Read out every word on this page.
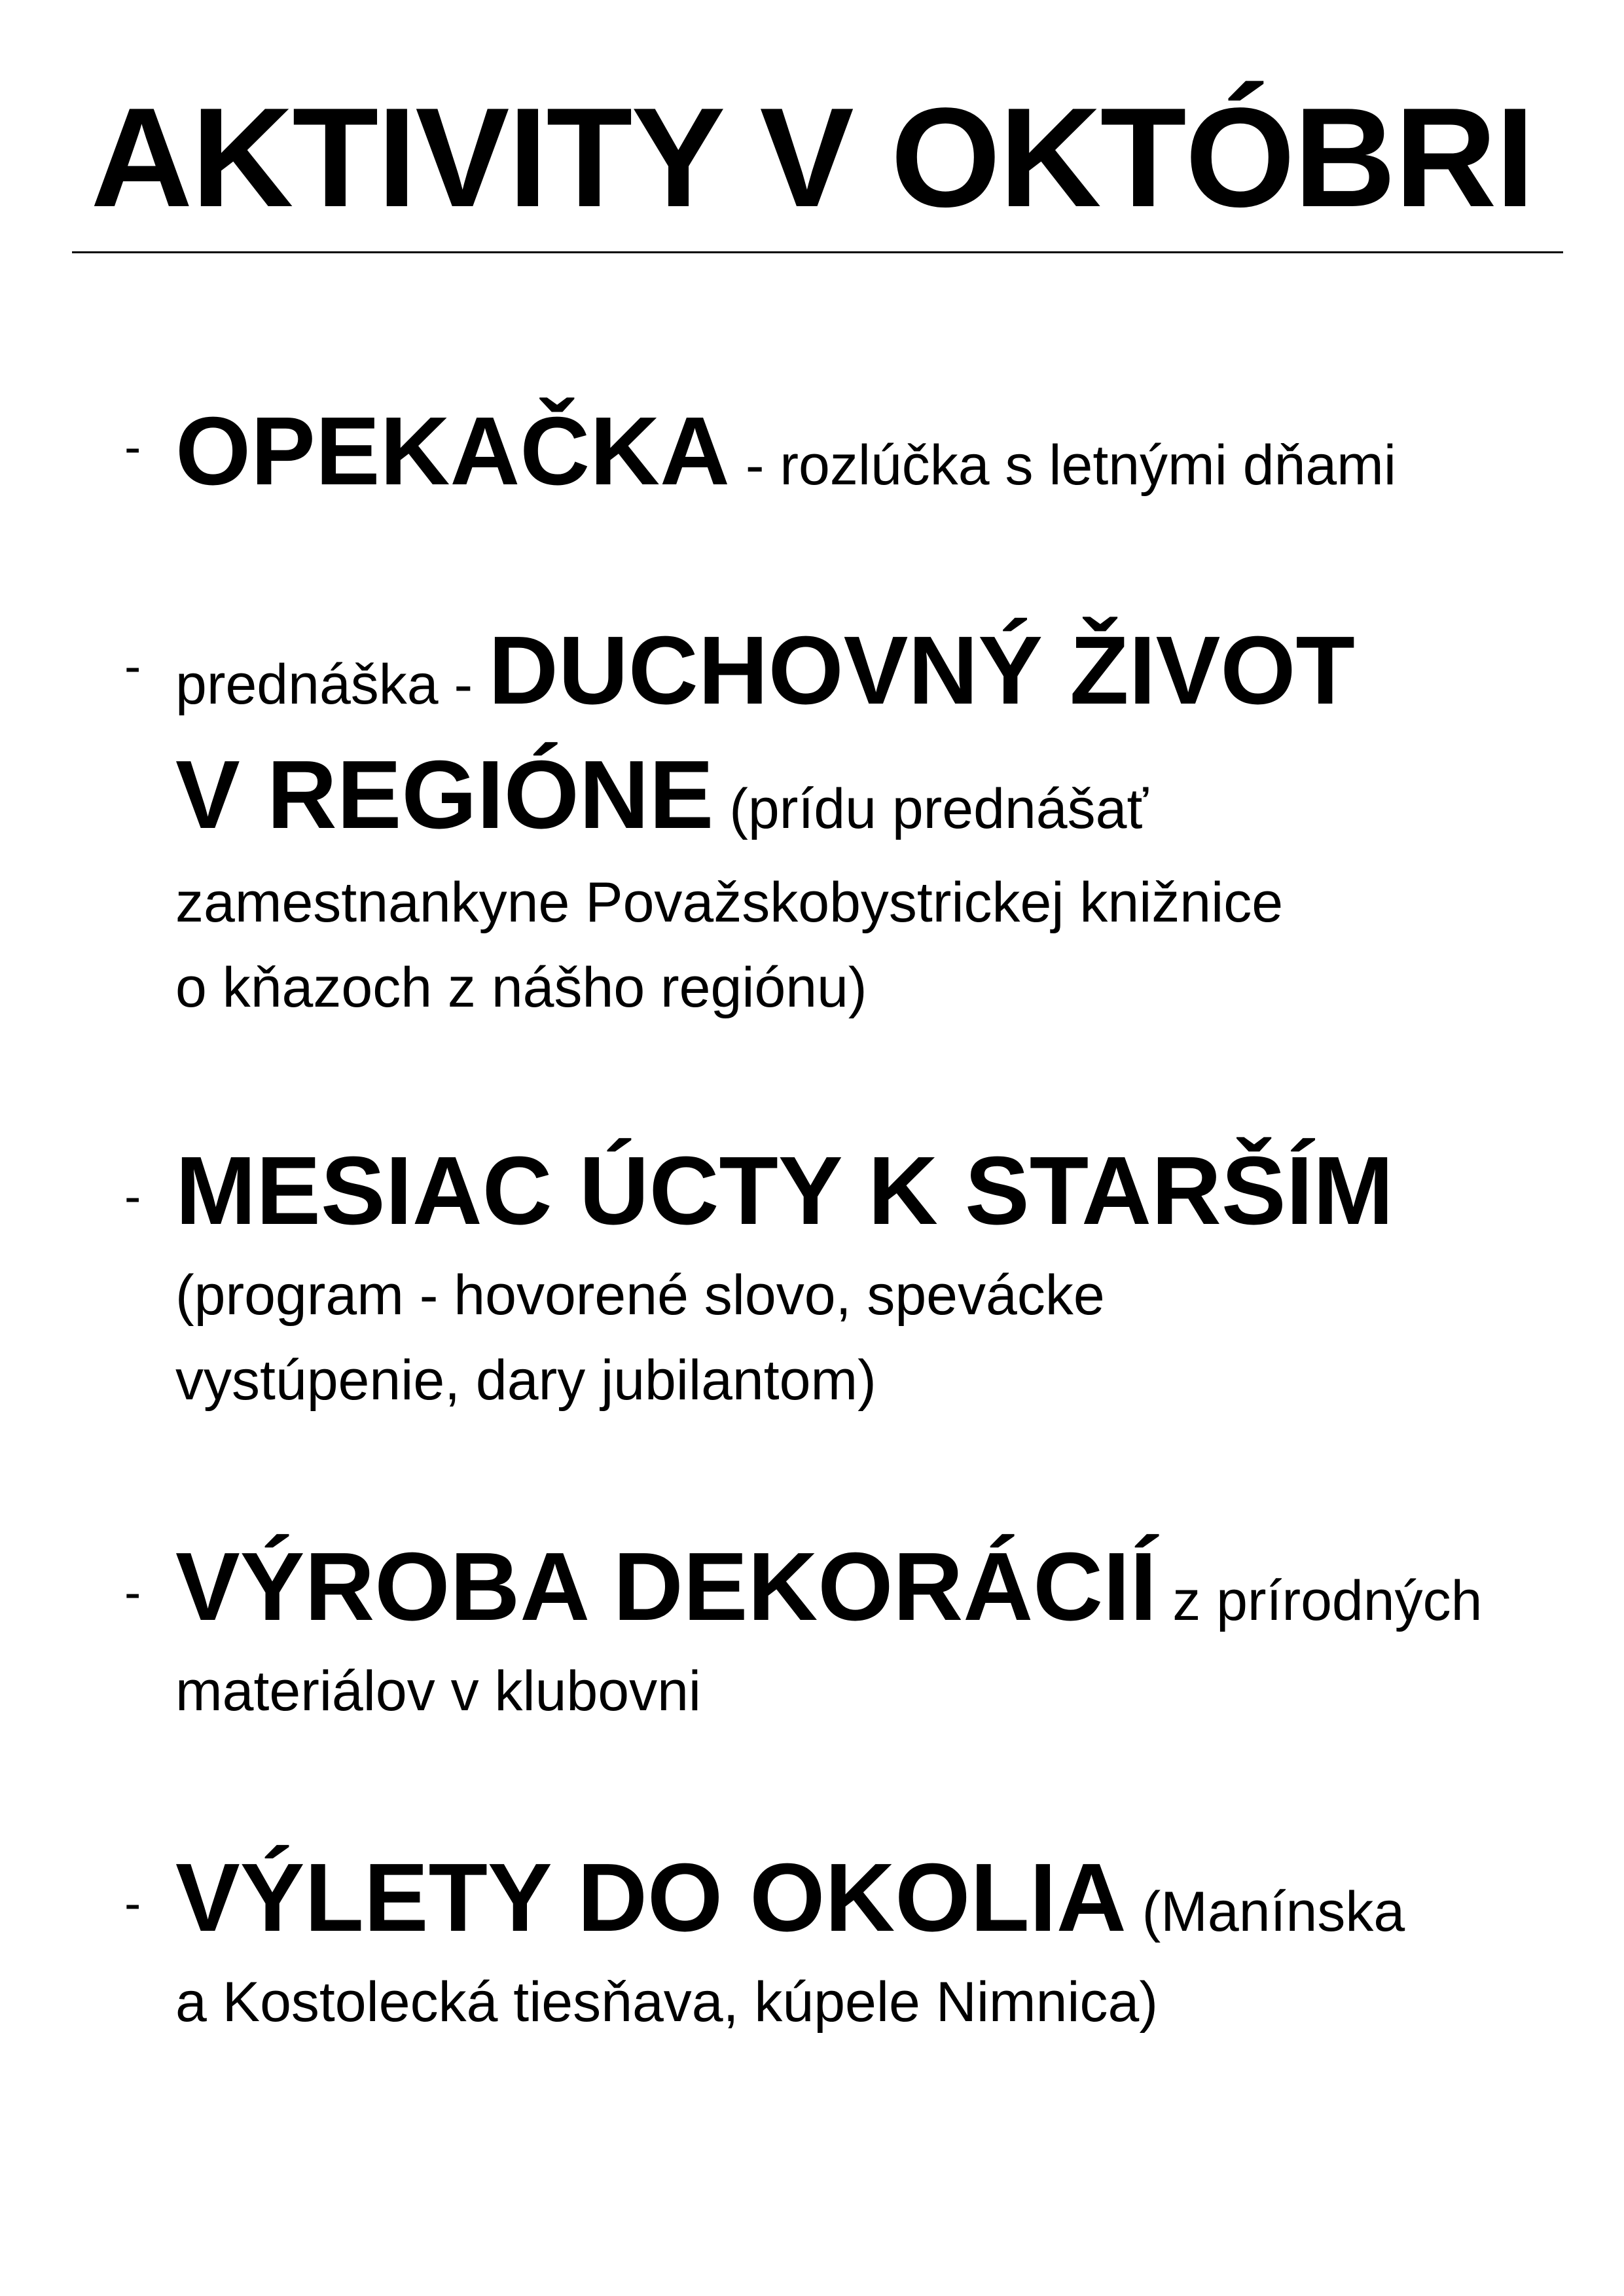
AKTIVITY V OKTÓBRI
- OPEKAČKA - rozlúčka s letnými dňami
- prednáška - DUCHOVNÝ ŽIVOT
V REGIÓNE (prídu prednášať
zamestnankyne Považskobystrickej knižnice
o kňazoch z nášho regiónu)
- MESIAC ÚCTY K STARŠÍM
(program - hovorené slovo, spevácke
vystúpenie, dary jubilantom)
- VÝROBA DEKORÁCIÍ z prírodných
materiálov v klubovni
- VÝLETY DO OKOLIA (Manínska
a Kostolecká tiesňava, kúpele Nimnica)
